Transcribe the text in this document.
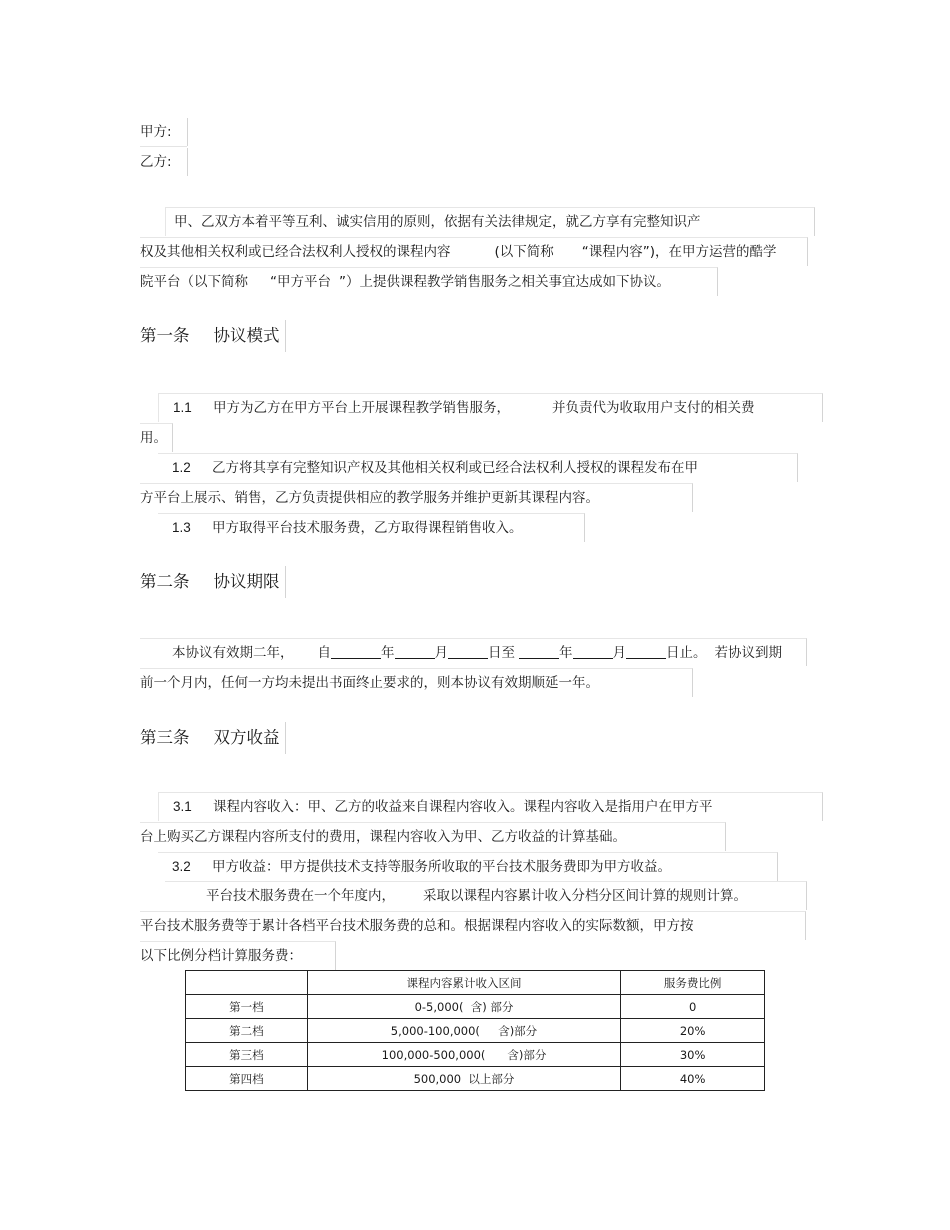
甲方:
乙方:
甲、乙双方本着平等互利、诚实信用的原则，依据有关法律规定，就乙方享有完整知识产
权及其他相关权利或已经合法权利人授权的课程内容	(以下简称 “课程内容”)，在甲方运营的酷学
院平台（以下简称 “甲方平台 ”）上提供课程教学销售服务之相关事宜达成如下协议。
第一条 协议模式
1.1 甲方为乙方在甲方平台上开展课程教学销售服务，	并负责代为收取用户支付的相关费
用。
1.2 乙方将其享有完整知识产权及其他相关权利或已经合法权利人授权的课程发布在甲
方平台上展示、销售，乙方负责提供相应的教学服务并维护更新其课程内容。
1.3 甲方取得平台技术服务费，乙方取得课程销售收入。
第二条 协议期限
本协议有效期二年， 自	年	月	日至	年	月	日止。 若协议到期
前一个月内，任何一方均未提出书面终止要求的，则本协议有效期顺延一年。
第三条 双方收益
3.1 课程内容收入：甲、乙方的收益来自课程内容收入。课程内容收入是指用户在甲方平
台上购买乙方课程内容所支付的费用，课程内容收入为甲、乙方收益的计算基础。
3.2 甲方收益：甲方提供技术支持等服务所收取的平台技术服务费即为甲方收益。
平台技术服务费在一个年度内， 采取以课程内容累计收入分档分区间计算的规则计算。
平台技术服务费等于累计各档平台技术服务费的总和。根据课程内容收入的实际数额，甲方按
以下比例分档计算服务费：
	课程内容累计收入区间	服务费比例
第一档	0-5,000(  含) 部分	0
第二档	5,000-100,000(     含)部分	20%
第三档	100,000-500,000(      含)部分	30%
第四档	500,000  以上部分	40%
